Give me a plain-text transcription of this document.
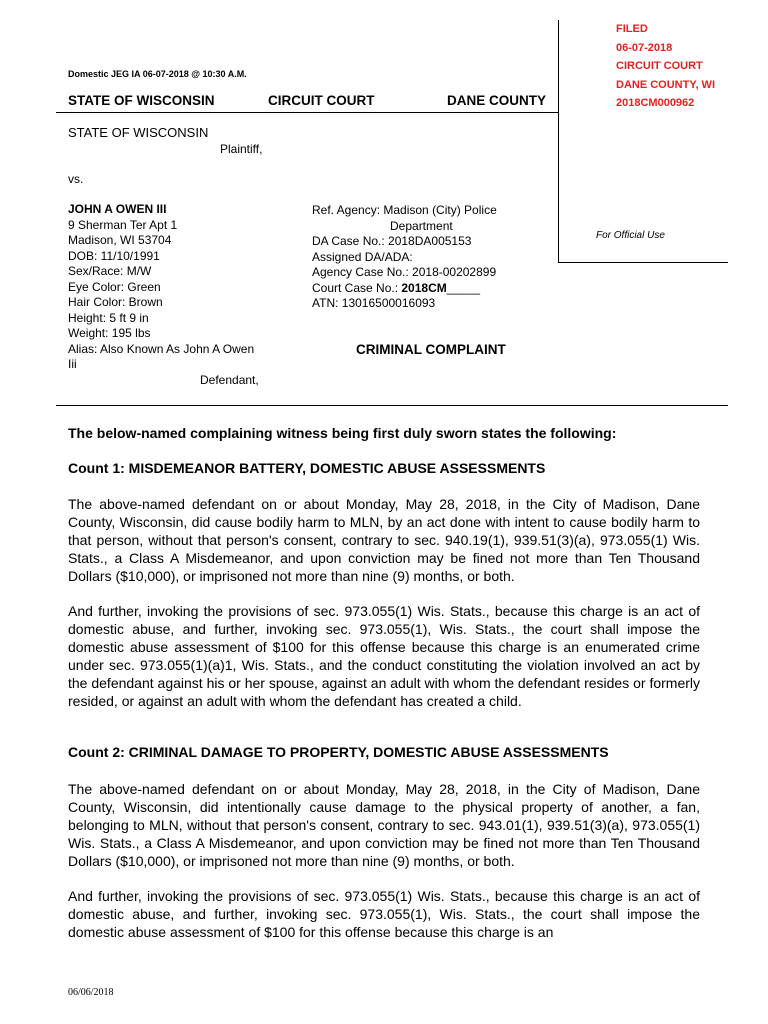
FILED
06-07-2018
CIRCUIT COURT
DANE COUNTY, WI
2018CM000962
For Official Use
Domestic JEG IA 06-07-2018 @ 10:30 A.M.
STATE OF WISCONSIN	CIRCUIT COURT	DANE COUNTY
STATE OF WISCONSIN
Plaintiff,
vs.
JOHN A OWEN III
9 Sherman Ter Apt 1
Madison, WI 53704
DOB: 11/10/1991
Sex/Race: M/W
Eye Color: Green
Hair Color: Brown
Height: 5 ft 9 in
Weight: 195 lbs
Alias: Also Known As John A Owen
Iii
Defendant,
Ref. Agency: Madison (City) Police
Department
DA Case No.: 2018DA005153
Assigned DA/ADA:
Agency Case No.: 2018-00202899
Court Case No.: 2018CM_____
ATN: 13016500016093
CRIMINAL COMPLAINT
The below-named complaining witness being first duly sworn states the following:
Count 1: MISDEMEANOR BATTERY, DOMESTIC ABUSE ASSESSMENTS
The above-named defendant on or about Monday, May 28, 2018, in the City of Madison, Dane County, Wisconsin, did cause bodily harm to MLN, by an act done with intent to cause bodily harm to that person, without that person's consent, contrary to sec. 940.19(1), 939.51(3)(a), 973.055(1) Wis. Stats., a Class A Misdemeanor, and upon conviction may be fined not more than Ten Thousand Dollars ($10,000), or imprisoned not more than nine (9) months, or both.
And further, invoking the provisions of sec. 973.055(1) Wis. Stats., because this charge is an act of domestic abuse, and further, invoking sec. 973.055(1), Wis. Stats., the court shall impose the domestic abuse assessment of $100 for this offense because this charge is an enumerated crime under sec. 973.055(1)(a)1, Wis. Stats., and the conduct constituting the violation involved an act by the defendant against his or her spouse, against an adult with whom the defendant resides or formerly resided, or against an adult with whom the defendant has created a child.
Count 2: CRIMINAL DAMAGE TO PROPERTY, DOMESTIC ABUSE ASSESSMENTS
The above-named defendant on or about Monday, May 28, 2018, in the City of Madison, Dane County, Wisconsin, did intentionally cause damage to the physical property of another, a fan, belonging to MLN, without that person's consent, contrary to sec. 943.01(1), 939.51(3)(a), 973.055(1) Wis. Stats., a Class A Misdemeanor, and upon conviction may be fined not more than Ten Thousand Dollars ($10,000), or imprisoned not more than nine (9) months, or both.
And further, invoking the provisions of sec. 973.055(1) Wis. Stats., because this charge is an act of domestic abuse, and further, invoking sec. 973.055(1), Wis. Stats., the court shall impose the domestic abuse assessment of $100 for this offense because this charge is an
06/06/2018
